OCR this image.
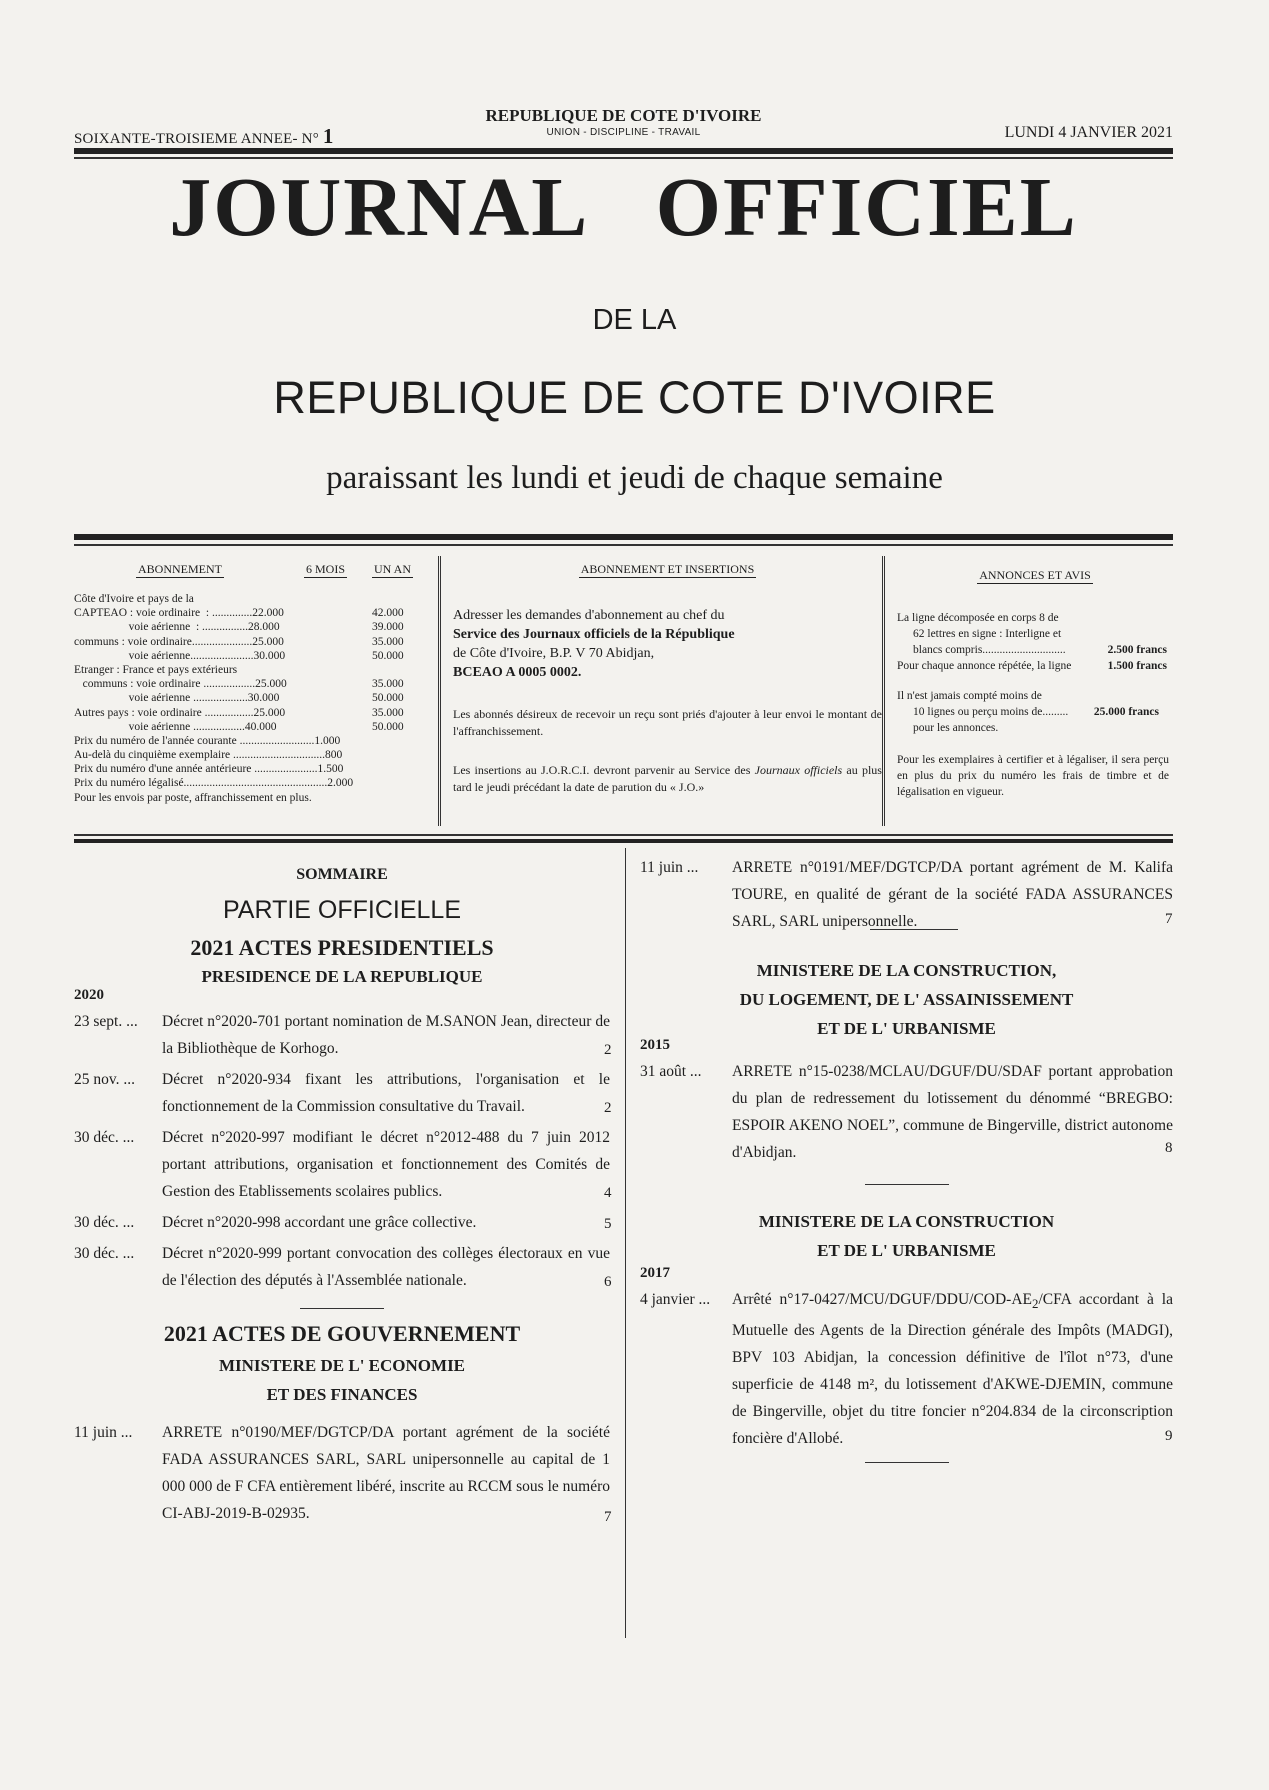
SOIXANTE-TROISIEME ANNEE- N° 1
REPUBLIQUE DE COTE D'IVOIRE
UNION - DISCIPLINE - TRAVAIL	LUNDI 4 JANVIER 2021
JOURNAL OFFICIEL
DE LA
REPUBLIQUE DE COTE D'IVOIRE
paraissant les lundi et jeudi de chaque semaine
ABONNEMENT	6 MOIS UN AN
Côte d'Ivoire et pays de la
CAPTEAO : voie ordinaire  : ..............22.000	42.000
voie aérienne  : ................28.000	39.000
communs : voie ordinaire.....................25.000	35.000
voie aérienne......................30.000	50.000
Etranger : France et pays extérieurs
communs : voie ordinaire ..................25.000	35.000
voie aérienne ...................30.000	50.000
Autres pays : voie ordinaire .................25.000	35.000
voie aérienne ..................40.000	50.000
Prix du numéro de l'année courante ..........................1.000
Au-delà du cinquième exemplaire ................................800
Prix du numéro d'une année antérieure ......................1.500
Prix du numéro légalisé..................................................2.000
Pour les envois par poste, affranchissement en plus.
ABONNEMENT ET INSERTIONS

Adresser les demandes d'abonnement au chef du
Service des Journaux officiels de la République
de Côte d'Ivoire, B.P. V 70 Abidjan,
BCEAO A 0005 0002.

Les abonnés désireux de recevoir un reçu sont priés d'ajouter à leur envoi le montant de l'affranchissement.

Les insertions au J.O.R.C.I. devront parvenir au Service des Journaux officiels au plus tard le jeudi précédant la date de parution du « J.O.»

ANNONCES ET AVIS
La ligne décomposée en corps 8 de
62 lettres en signe : Interligne et
blancs compris.............................	2.500 francs
Pour chaque annonce répétée, la ligne	1.500 francs
Il n'est jamais compté moins de
10 lignes ou perçu moins de......... 25.000 francs
pour les annonces.
Pour les exemplaires à certifier et à légaliser, il sera perçu en plus du prix du numéro les frais de timbre et de légalisation en vigueur.
SOMMAIRE
PARTIE OFFICIELLE
2021 ACTES PRESIDENTIELS
PRESIDENCE DE LA REPUBLIQUE
2020
23 sept. ...	Décret n°2020-701 portant nomination de M.SANON Jean, directeur de la Bibliothèque de Korhogo.	2
25 nov. ...	Décret n°2020-934 fixant les attributions, l'organisation et le fonctionnement de la Commission consultative du Travail.	2
30 déc. ...	Décret n°2020-997 modifiant le décret n°2012-488 du 7 juin 2012 portant attributions, organisation et fonctionnement des Comités de Gestion des Etablissements scolaires publics.	4
30 déc. ...	Décret n°2020-998 accordant une grâce collective.	5
30 déc. ...	Décret n°2020-999 portant convocation des collèges électoraux en vue de l'élection des députés à l'Assemblée nationale.	6
2021 ACTES DE GOUVERNEMENT
MINISTERE DE L' ECONOMIE
ET DES FINANCES
11 juin ...	ARRETE n°0190/MEF/DGTCP/DA portant agrément de la société FADA ASSURANCES SARL, SARL unipersonnelle au capital de 1 000 000 de F CFA entièrement libéré, inscrite au RCCM sous le numéro CI-ABJ-2019-B-02935.	7
11 juin ...	ARRETE n°0191/MEF/DGTCP/DA portant agrément de M. Kalifa TOURE, en qualité de gérant de la société FADA ASSURANCES SARL, SARL unipersonnelle.	7
MINISTERE DE LA CONSTRUCTION,
DU LOGEMENT, DE L' ASSAINISSEMENT
ET DE L' URBANISME
2015
31 août ...	ARRETE n°15-0238/MCLAU/DGUF/DU/SDAF portant approbation du plan de redressement du lotissement du dénommé “BREGBO: ESPOIR AKENO NOEL”, commune de Bingerville, district autonome d'Abidjan.	8
MINISTERE DE LA CONSTRUCTION
ET DE L' URBANISME
2017
4 janvier ...	Arrêté $n^\circ 17-0427/MCU/DGUF/DDU/COD-AE_2$/CFA accordant à la Mutuelle des Agents de la Direction générale des Impôts (MADGI), BPV 103 Abidjan, la concession définitive de l'îlot n°73, d'une superficie de 4148 m², du lotissement d'AKWE-DJEMIN, commune de Bingerville, objet du titre foncier n°204.834 de la circonscription foncière d'Allobé.	9
